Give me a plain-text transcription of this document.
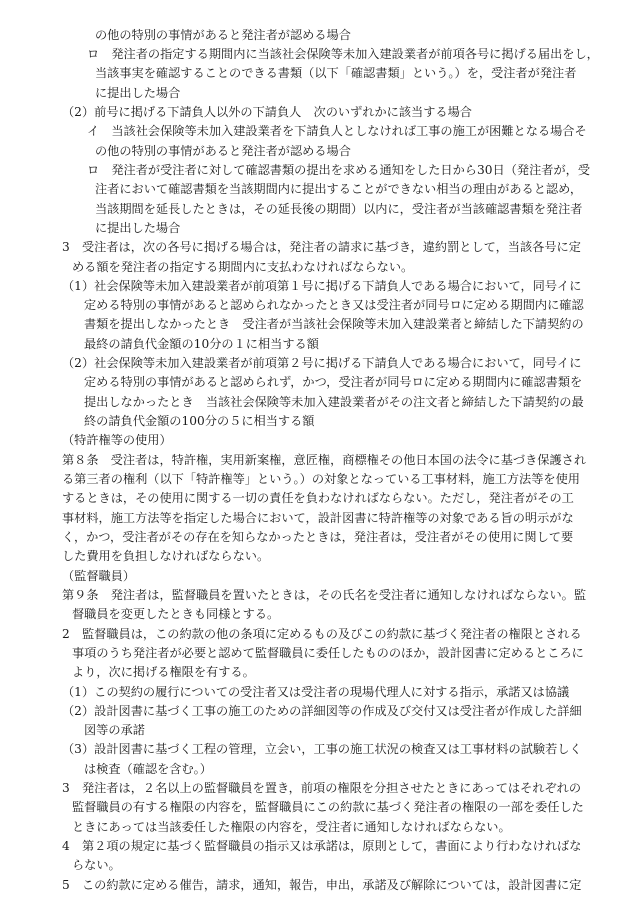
の他の特別の事情があると発注者が認める場合
ロ　発注者の指定する期間内に当該社会保険等未加入建設業者が前項各号に掲げる届出をし，
当該事実を確認することのできる書類（以下「確認書類」という。）を，受注者が発注者
に提出した場合
（2）前号に掲げる下請負人以外の下請負人　次のいずれかに該当する場合
イ　当該社会保険等未加入建設業者を下請負人としなければ工事の施工が困難となる場合そ
の他の特別の事情があると発注者が認める場合
ロ　発注者が受注者に対して確認書類の提出を求める通知をした日から30日（発注者が，受
注者において確認書類を当該期間内に提出することができない相当の理由があると認め，
当該期間を延長したときは，その延長後の期間）以内に，受注者が当該確認書類を発注者
に提出した場合
3　受注者は，次の各号に掲げる場合は，発注者の請求に基づき，違約罰として，当該各号に定
める額を発注者の指定する期間内に支払わなければならない。
（1）社会保険等未加入建設業者が前項第１号に掲げる下請負人である場合において，同号イに
定める特別の事情があると認められなかったとき又は受注者が同号ロに定める期間内に確認
書類を提出しなかったとき　受注者が当該社会保険等未加入建設業者と締結した下請契約の
最終の請負代金額の10分の１に相当する額
（2）社会保険等未加入建設業者が前項第２号に掲げる下請負人である場合において，同号イに
定める特別の事情があると認められず，かつ，受注者が同号ロに定める期間内に確認書類を
提出しなかったとき　当該社会保険等未加入建設業者がその注文者と締結した下請契約の最
終の請負代金額の100分の５に相当する額
（特許権等の使用）
第８条　受注者は，特許権，実用新案権，意匠権，商標権その他日本国の法令に基づき保護され
る第三者の権利（以下「特許権等」という。）の対象となっている工事材料，施工方法等を使用
するときは，その使用に関する一切の責任を負わなければならない。ただし，発注者がその工
事材料，施工方法等を指定した場合において，設計図書に特許権等の対象である旨の明示がな
く，かつ，受注者がその存在を知らなかったときは，発注者は，受注者がその使用に関して要
した費用を負担しなければならない。
（監督職員）
第９条　発注者は，監督職員を置いたときは，その氏名を受注者に通知しなければならない。監
督職員を変更したときも同様とする。
2　監督職員は，この約款の他の条項に定めるもの及びこの約款に基づく発注者の権限とされる
事項のうち発注者が必要と認めて監督職員に委任したもののほか，設計図書に定めるところに
より，次に掲げる権限を有する。
（1）この契約の履行についての受注者又は受注者の現場代理人に対する指示，承諾又は協議
（2）設計図書に基づく工事の施工のための詳細図等の作成及び交付又は受注者が作成した詳細
図等の承諾
（3）設計図書に基づく工程の管理，立会い，工事の施工状況の検査又は工事材料の試験若しく
は検査（確認を含む。）
3　発注者は，２名以上の監督職員を置き，前項の権限を分担させたときにあってはそれぞれの
監督職員の有する権限の内容を，監督職員にこの約款に基づく発注者の権限の一部を委任した
ときにあっては当該委任した権限の内容を，受注者に通知しなければならない。
4　第２項の規定に基づく監督職員の指示又は承諾は，原則として，書面により行わなければな
らない。
5　この約款に定める催告，請求，通知，報告，申出，承諾及び解除については，設計図書に定
